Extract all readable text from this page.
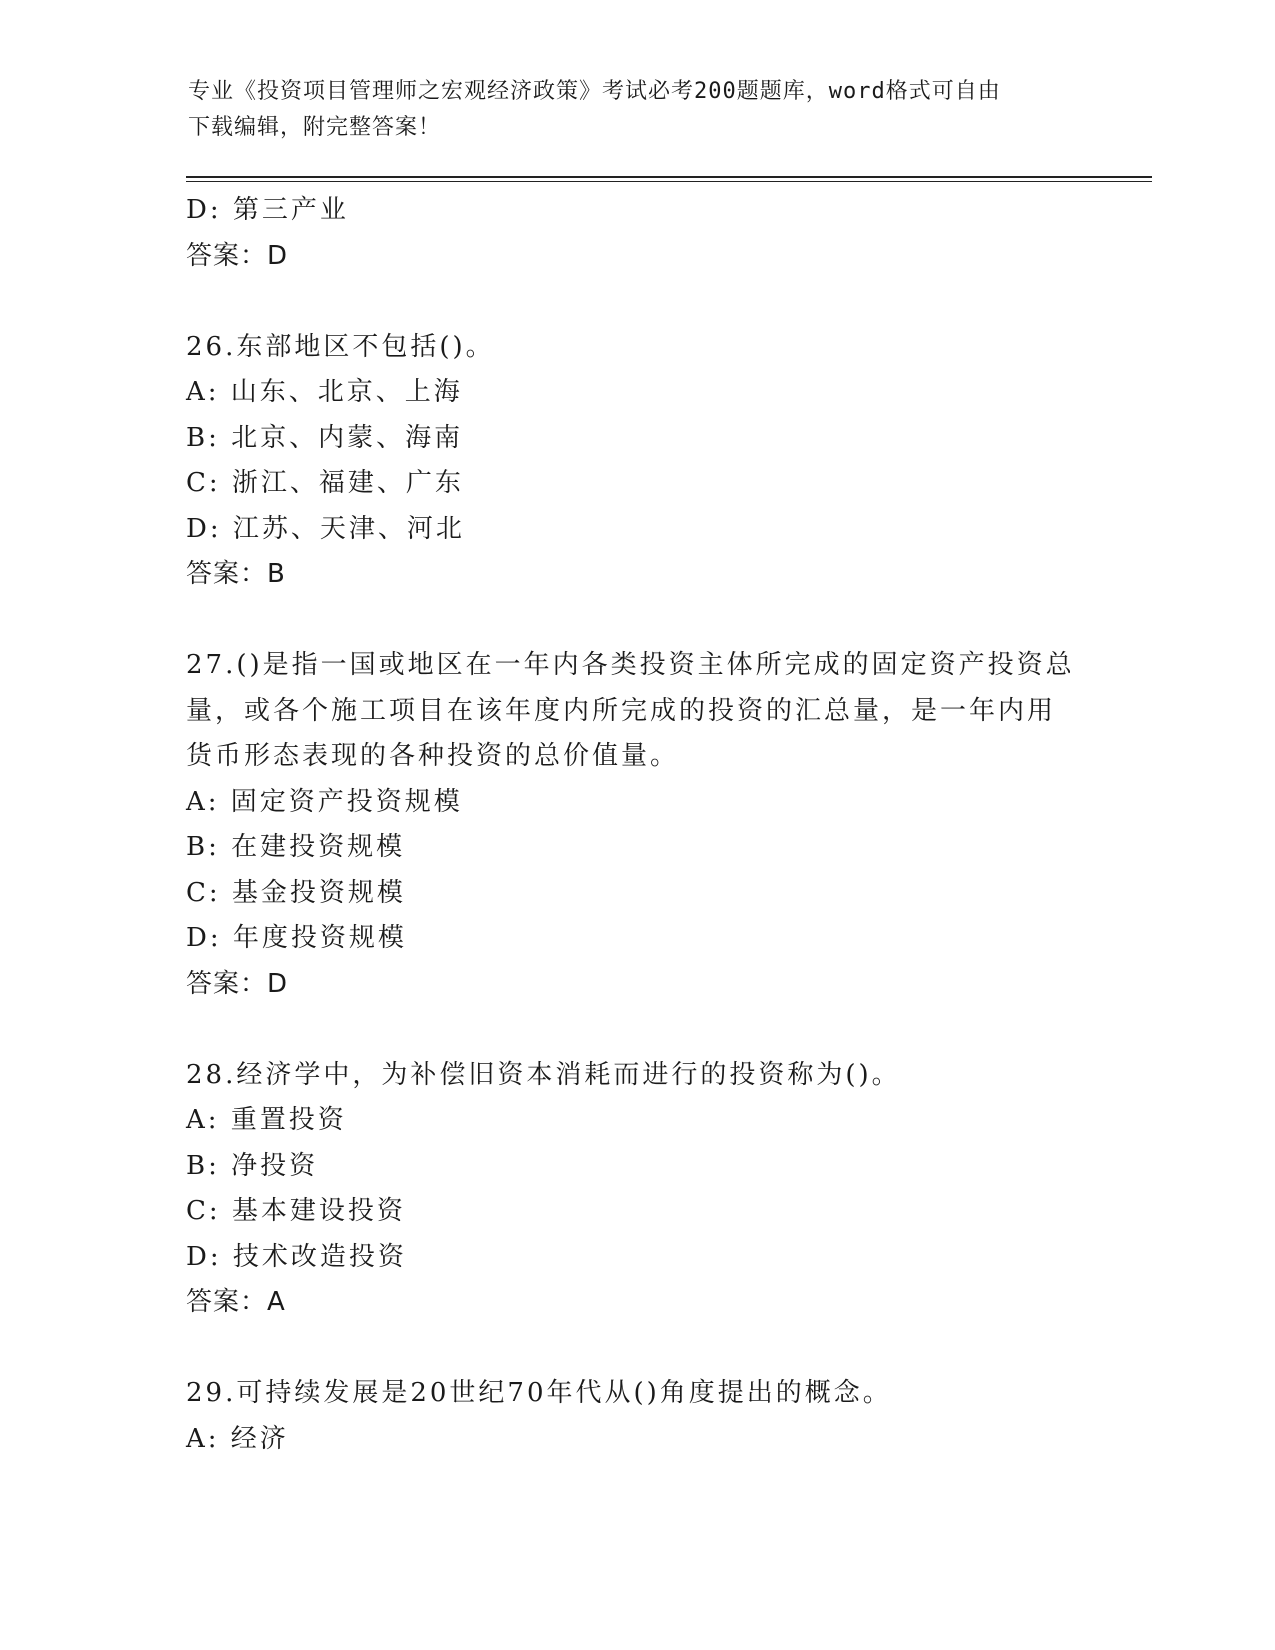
专业《投资项目管理师之宏观经济政策》考试必考200题题库，word格式可自由
下载编辑，附完整答案！
D: 第三产业
答案：D
26.东部地区不包括()。
A: 山东、北京、上海
B: 北京、内蒙、海南
C: 浙江、福建、广东
D: 江苏、天津、河北
答案：B
27.()是指一国或地区在一年内各类投资主体所完成的固定资产投资总
量，或各个施工项目在该年度内所完成的投资的汇总量，是一年内用
货币形态表现的各种投资的总价值量。
A: 固定资产投资规模
B: 在建投资规模
C: 基金投资规模
D: 年度投资规模
答案：D
28.经济学中，为补偿旧资本消耗而进行的投资称为()。
A: 重置投资
B: 净投资
C: 基本建设投资
D: 技术改造投资
答案：A
29.可持续发展是20世纪70年代从()角度提出的概念。
A: 经济
